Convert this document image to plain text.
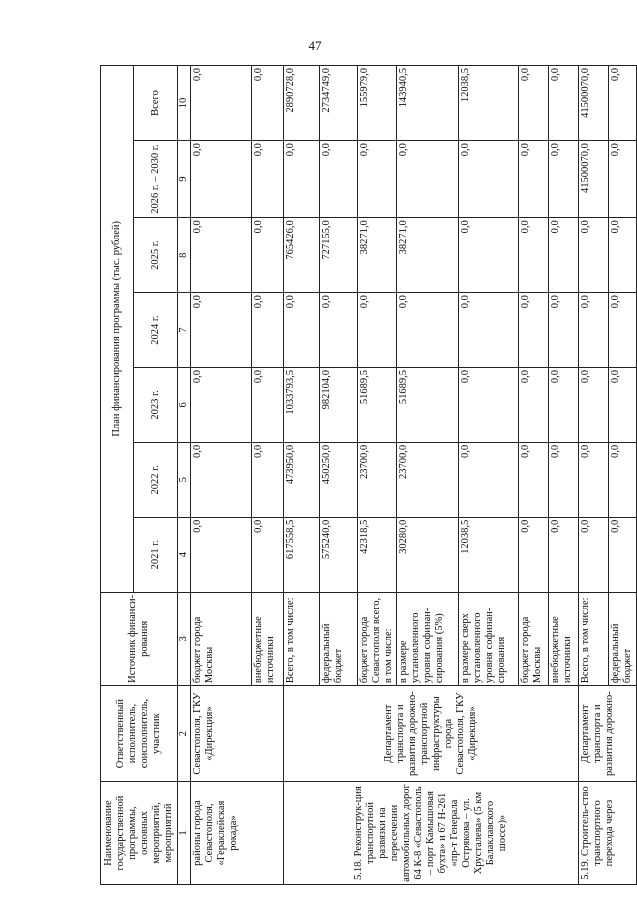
47
Наименование государственной программы, основных мероприятий, мероприятий	Ответственный исполнитель, соисполнитель, участник	Источник финанси-рования	План финансирования программы (тыс. рублей)						
			2021 г.	2022 г.	2023 г.	2024 г.	2025 г.	2026 г. – 2030 г.	Всего
1	2	3	4	5	6	7	8	9	10
районы города Севастополя, «Гераклейская рокада»	Севастополя, ГКУ «Дирекция»	бюджет города Москвы	0,0	0,0	0,0	0,0	0,0	0,0	0,0
		внебюджетные источники	0,0	0,0	0,0	0,0	0,0	0,0	0,0
5.18. Реконструк-ция транспортной развязки на пересечении автомобильных дорог 64 К-8 «Севастополь – порт Камышовая бухта» и 67 Н-261 «пр-т Генерала Острякова – ул. Хрусталева» (5 км Балаклавского шоссе)»	Департамент транспорта и развития дорожно-транспортной инфраструктуры города Севастополя, ГКУ «Дирекция»	Всего, в том числе:	617558,5	473950,0	1033793,5	0,0	765426,0	0,0	2890728,0
		федеральный бюджет	575240,0	450250,0	982104,0	0,0	727155,0	0,0	2734749,0
		бюджет города Севастополя всего, в том числе:	42318,5	23700,0	51689,5	0,0	38271,0	0,0	155979,0
		в размере установленного уровня софинан-сирования (5%)	30280,0	23700,0	51689,5	0,0	38271,0	0,0	143940,5
		в размере сверх установленного уровня софинан-сирования	12038,5	0,0	0,0	0,0	0,0	0,0	12038,5
		бюджет города Москвы	0,0	0,0	0,0	0,0	0,0	0,0	0,0
		внебюджетные источники	0,0	0,0	0,0	0,0	0,0	0,0	0,0
5.19. Строитель-ство транспортного перехода через	Департамент транспорта и развития дорожно-	Всего, в том числе:	0,0	0,0	0,0	0,0	0,0	41500070,0	41500070,0
		федеральный бюджет	0,0	0,0	0,0	0,0	0,0	0,0	0,0
